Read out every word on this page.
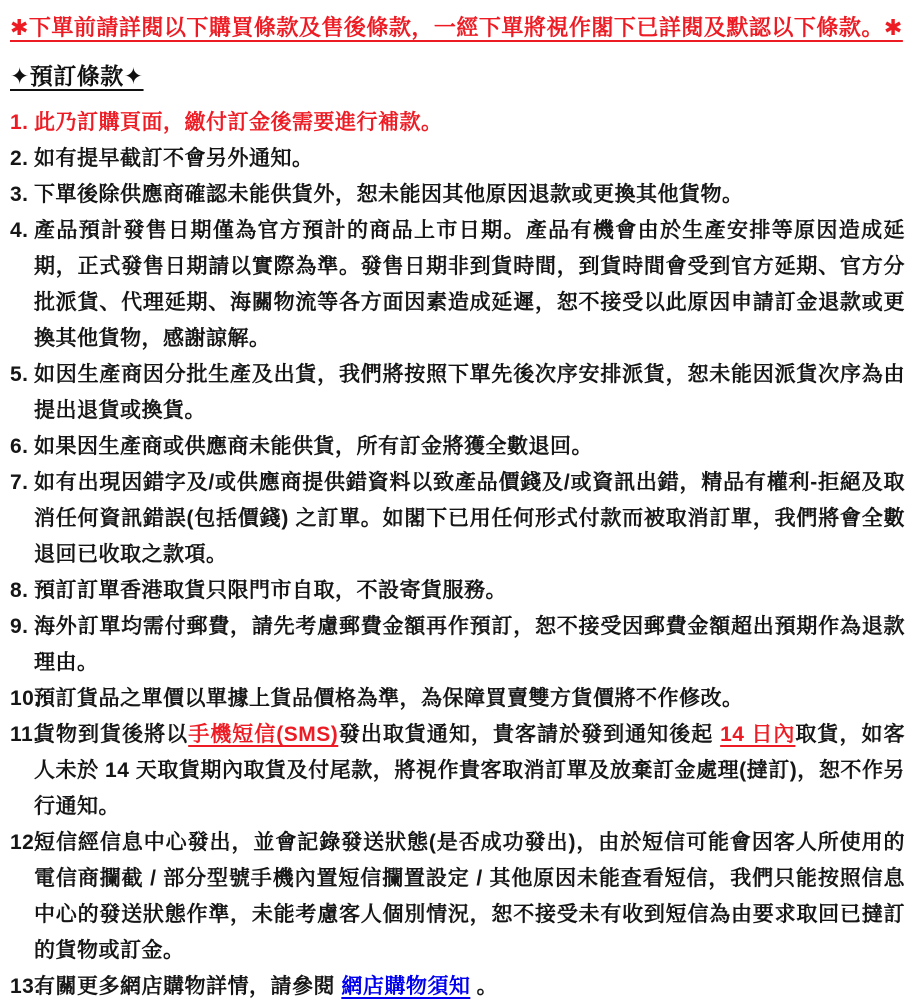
✱下單前請詳閱以下購買條款及售後條款，一經下單將視作閣下已詳閱及默認以下條款。✱
✦預訂條款✦
1. 此乃訂購頁面，繳付訂金後需要進行補款。
2. 如有提早截訂不會另外通知。
3. 下單後除供應商確認未能供貨外，恕未能因其他原因退款或更換其他貨物。
4. 產品預計發售日期僅為官方預計的商品上市日期。產品有機會由於生產安排等原因造成延期，正式發售日期請以實際為準。發售日期非到貨時間，到貨時間會受到官方延期、官方分批派貨、代理延期、海關物流等各方面因素造成延遲，恕不接受以此原因申請訂金退款或更換其他貨物，感謝諒解。
5. 如因生產商因分批生產及出貨，我們將按照下單先後次序安排派貨，恕未能因派貨次序為由提出退貨或換貨。
6. 如果因生產商或供應商未能供貨，所有訂金將獲全數退回。
7. 如有出現因錯字及/或供應商提供錯資料以致產品價錢及/或資訊出錯，精品有權利-拒絕及取消任何資訊錯誤(包括價錢) 之訂單。如閣下已用任何形式付款而被取消訂單，我們將會全數退回已收取之款項。
8. 預訂訂單香港取貨只限門市自取，不設寄貨服務。
9. 海外訂單均需付郵費，請先考慮郵費金額再作預訂，恕不接受因郵費金額超出預期作為退款理由。
10.
預訂貨品之單價以單據上貨品價格為準，為保障買賣雙方貨價將不作修改。
11.
貨物到貨後將以手機短信(SMS)發出取貨通知，貴客請於發到通知後起 14 日內取貨，如客人未於 14 天取貨期內取貨及付尾款，將視作貴客取消訂單及放棄訂金處理(撻訂)，恕不作另行通知。
12.
短信經信息中心發出，並會記錄發送狀態(是否成功發出)，由於短信可能會因客人所使用的電信商攔截 / 部分型號手機內置短信攔置設定 / 其他原因未能查看短信，我們只能按照信息中心的發送狀態作準，未能考慮客人個別情況，恕不接受未有收到短信為由要求取回已撻訂的貨物或訂金。
13.
有關更多網店購物詳情，請參閱 網店購物須知 。
